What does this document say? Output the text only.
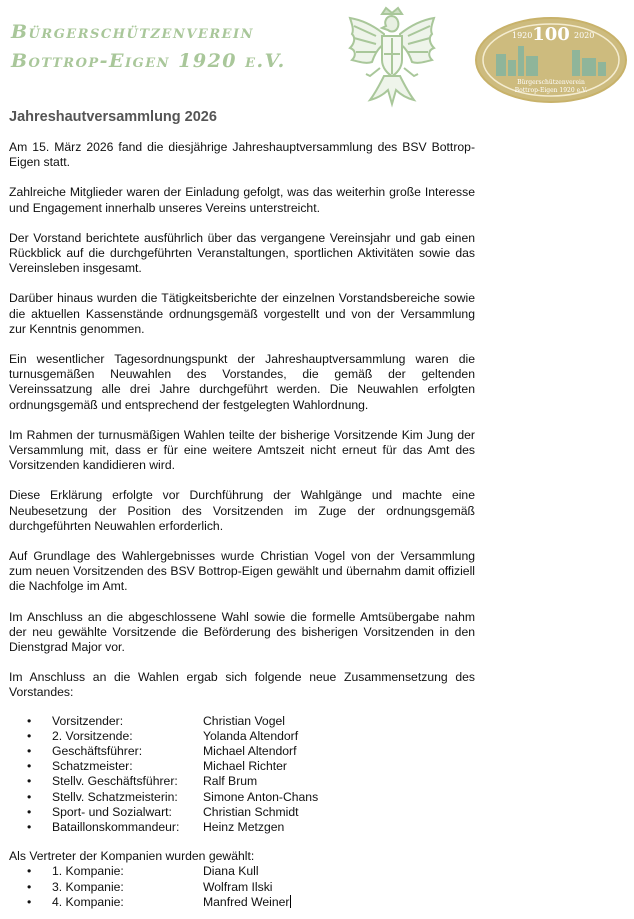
Bürgerschützenverein
Bottrop-Eigen 1920 e.V.
1920 100 2020
Bürgerschützenverein
Bottrop-Eigen 1920 e.V.
Jahreshautversammlung 2026

Am 15. März 2026 fand die diesjährige Jahreshauptversammlung des BSV Bottrop-Eigen statt.

Zahlreiche Mitglieder waren der Einladung gefolgt, was das weiterhin große Interesse und Engagement innerhalb unseres Vereins unterstreicht.

Der Vorstand berichtete ausführlich über das vergangene Vereinsjahr und gab einen Rückblick auf die durchgeführten Veranstaltungen, sportlichen Aktivitäten sowie das Vereinsleben insgesamt.

Darüber hinaus wurden die Tätigkeitsberichte der einzelnen Vorstandsbereiche sowie die aktuellen Kassenstände ordnungsgemäß vorgestellt und von der Versammlung zur Kenntnis genommen.

Ein wesentlicher Tagesordnungspunkt der Jahreshauptversammlung waren die turnusgemäßen Neuwahlen des Vorstandes, die gemäß der geltenden Vereinssatzung alle drei Jahre durchgeführt werden. Die Neuwahlen erfolgten ordnungsgemäß und entsprechend der festgelegten Wahlordnung.

Im Rahmen der turnusmäßigen Wahlen teilte der bisherige Vorsitzende Kim Jung der Versammlung mit, dass er für eine weitere Amtszeit nicht erneut für das Amt des Vorsitzenden kandidieren wird.

Diese Erklärung erfolgte vor Durchführung der Wahlgänge und machte eine Neubesetzung der Position des Vorsitzenden im Zuge der ordnungsgemäß durchgeführten Neuwahlen erforderlich.

Auf Grundlage des Wahlergebnisses wurde Christian Vogel von der Versammlung zum neuen Vorsitzenden des BSV Bottrop-Eigen gewählt und übernahm damit offiziell die Nachfolge im Amt.

Im Anschluss an die abgeschlossene Wahl sowie die formelle Amtsübergabe nahm der neu gewählte Vorsitzende die Beförderung des bisherigen Vorsitzenden in den Dienstgrad Major vor.

Im Anschluss an die Wahlen ergab sich folgende neue Zusammensetzung des Vorstandes:

•	Vorsitzender:	Christian Vogel
•	2. Vorsitzende:	Yolanda Altendorf
•	Geschäftsführer:	Michael Altendorf
•	Schatzmeister:	Michael Richter
•	Stellv. Geschäftsführer:	Ralf Brum
•	Stellv. Schatzmeisterin:	Simone Anton-Chans
•	Sport- und Sozialwart:	Christian Schmidt
•	Bataillonskommandeur:	Heinz Metzgen
Als Vertreter der Kompanien wurden gewählt:
•	1. Kompanie:	Diana Kull
•	3. Kompanie:	Wolfram Ilski
•	4. Kompanie:	Manfred Weiner
